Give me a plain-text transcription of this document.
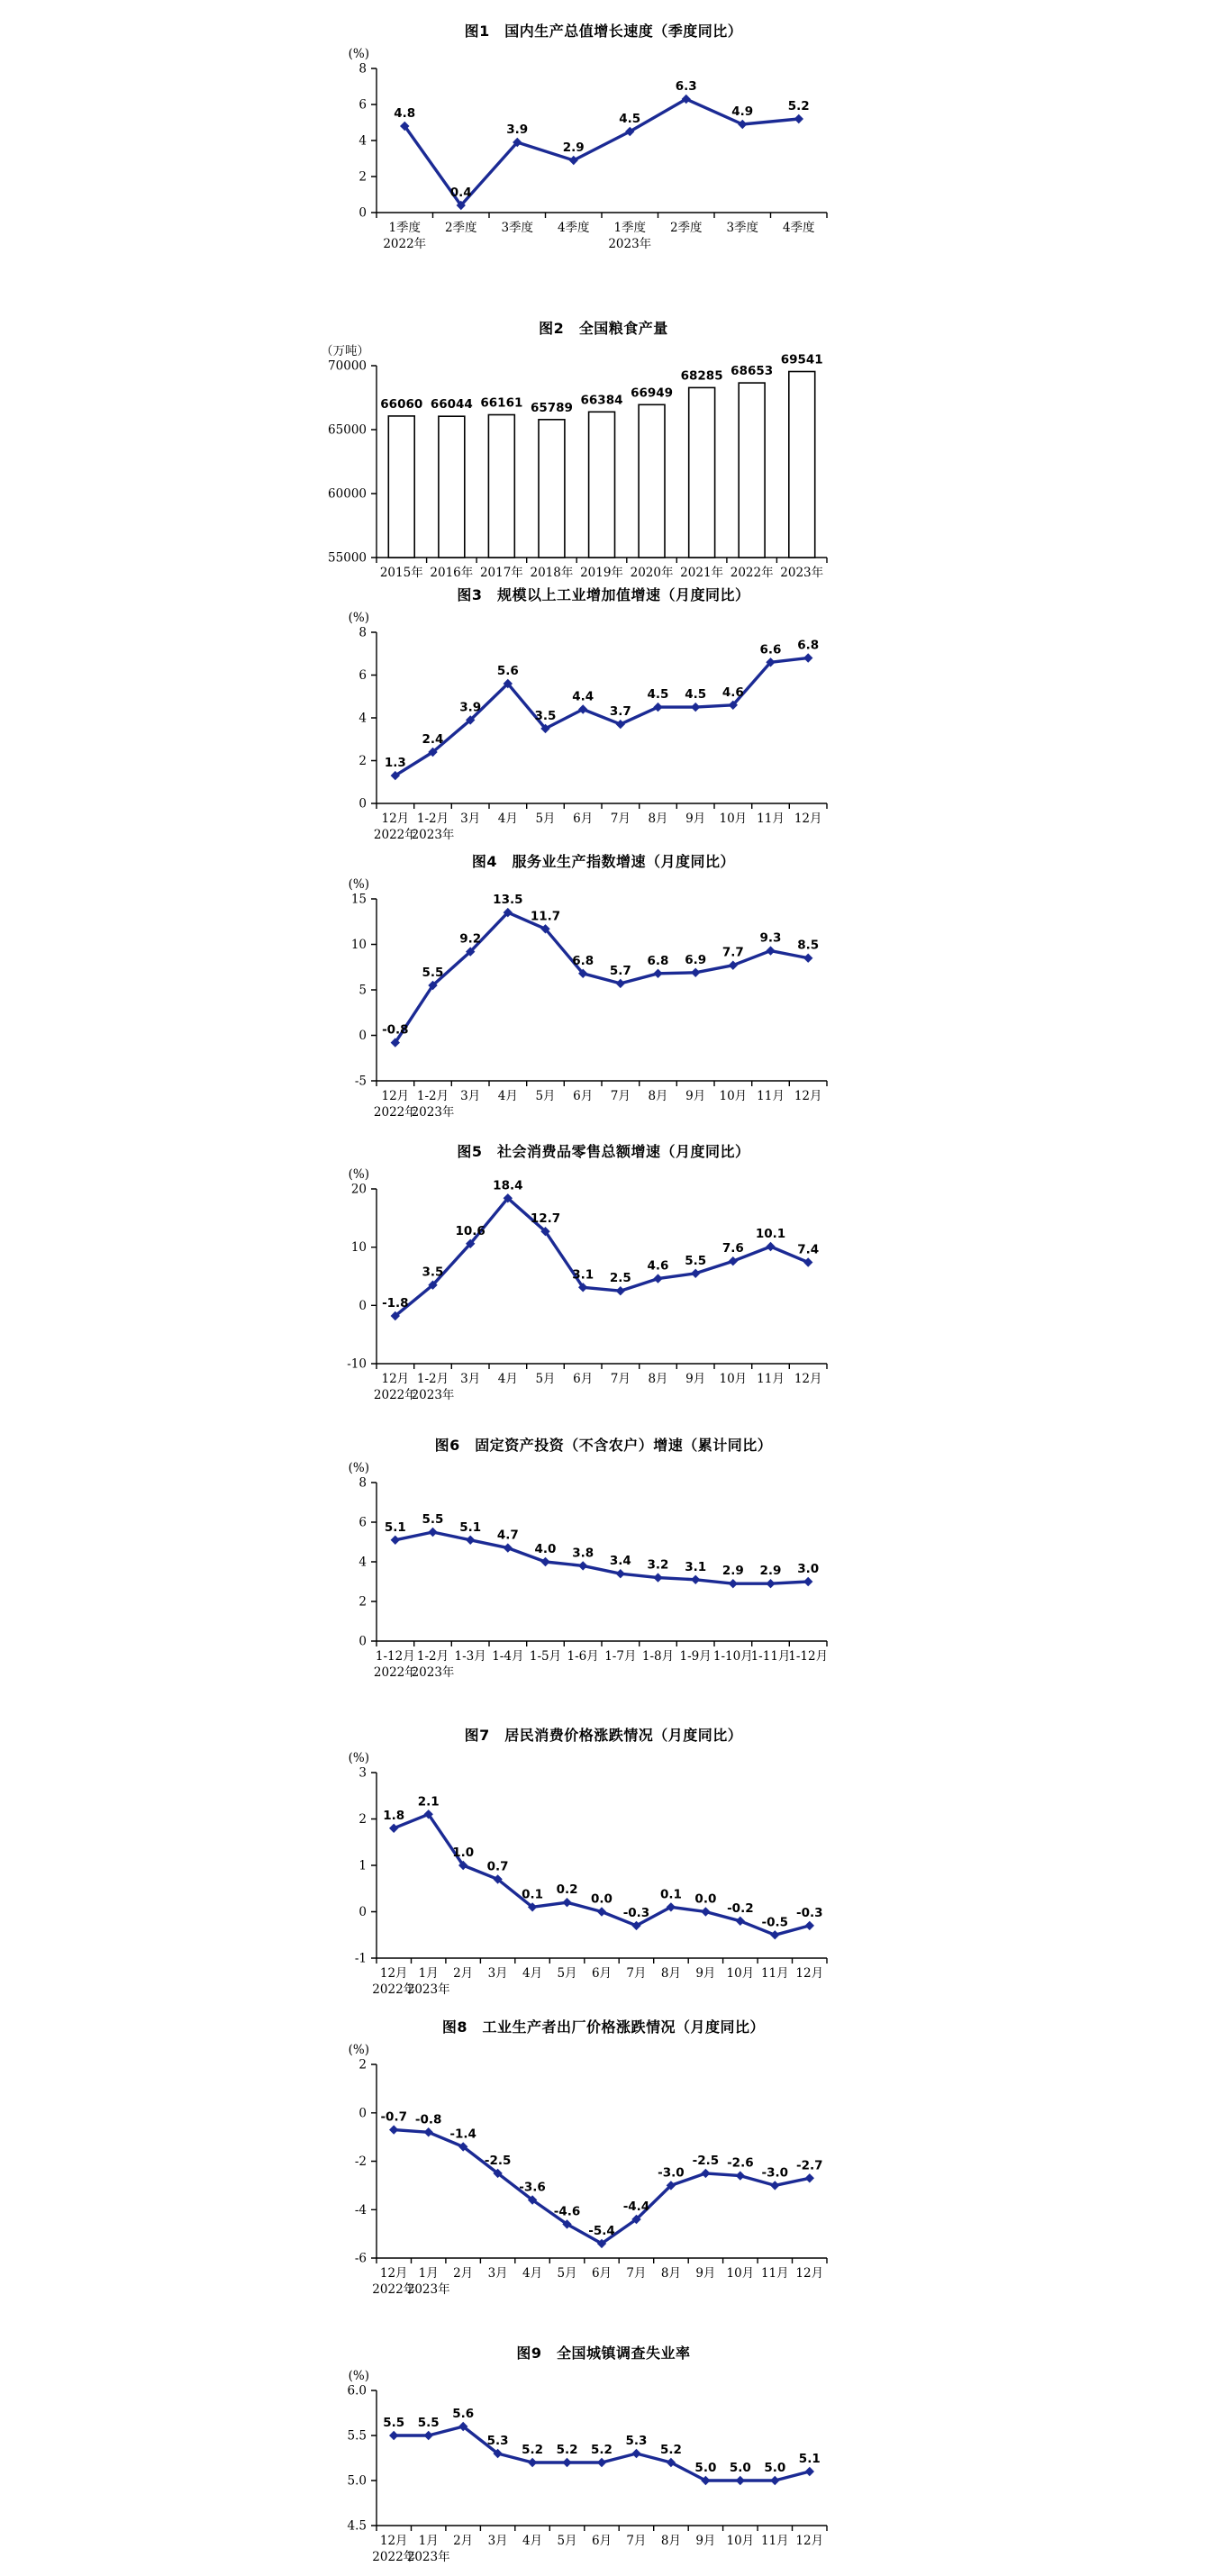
图1　国内生产总值增长速度（季度同比）
0
2
4
6
8
(%)
1季度 2季度 3季度 4季度 1季度 2季度 3季度 4季度
2022年	2023年
4.8
0.4
3.9
2.9
4.5
6.3
4.9	5.2
图2　全国粮食产量
55000
60000
65000
70000
（万吨）
2015年 2016年 2017年 2018年 2019年 2020年 2021年 2022年 2023年
66060 66044 66161 65789
66384
66949
68285 68653
69541
图3　规模以上工业增加值增速（月度同比）
0
2
4
6
8
(%)
12月 1-2月 3月 4月 5月 6月 7月 8月 9月 10月 11月 12月
2022年
2023年
1.3
2.4
3.9
5.6
3.5
4.4
3.7
4.5 4.5 4.6
6.6 6.8
图4　服务业生产指数增速（月度同比）
-5
0
5
10
15
(%)
12月 1-2月 3月 4月 5月 6月 7月 8月 9月 10月 11月 12月
2022年
2023年
-0.8
5.5
9.2
13.5
11.7
6.8
5.7
6.8 6.9
7.7
9.3
8.5
图5　社会消费品零售总额增速（月度同比）
-10
0
10
20
(%)
12月 1-2月 3月 4月 5月 6月 7月 8月 9月 10月 11月 12月
2022年
2023年
-1.8
3.5
10.6
18.4
12.7
3.1 2.5
4.6 5.5
7.6
10.1
7.4
图6　固定资产投资（不含农户）增速（累计同比）
0
2
4
6
8
(%)
1-12月 1-2月 1-3月 1-4月 1-5月 1-6月 1-7月 1-8月 1-9月 1-10月
1-11月
1-12月
2022年
2023年
5.1
5.5
5.1
4.7
4.0 3.8
3.4 3.2 3.1 2.9 2.9 3.0
图7　居民消费价格涨跌情况（月度同比）
-1
0
1
2
3
(%)
12月 1月 2月 3月 4月 5月 6月 7月 8月 9月 10月 11月 12月
2022年
2023年
1.8
2.1
1.0
0.7
0.1 0.2
0.0
-0.3
0.1 0.0
-0.2
-0.5
-0.3
图8　工业生产者出厂价格涨跌情况（月度同比）
-6
-4
-2
0
2
(%)
12月 1月 2月 3月 4月 5月 6月 7月 8月 9月 10月 11月 12月
2022年
2023年
-0.7 -0.8
-1.4
-2.5
-3.6
-4.6
-5.4
-4.4
-3.0
-2.5 -2.6
-3.0
-2.7
图9　全国城镇调查失业率
4.5
5.0
5.5
6.0
(%)
12月 1月 2月 3月 4月 5月 6月 7月 8月 9月 10月 11月 12月
2022年
2023年
5.5 5.5
5.6
5.3
5.2 5.2 5.2
5.3
5.2
5.0 5.0 5.0
5.1
